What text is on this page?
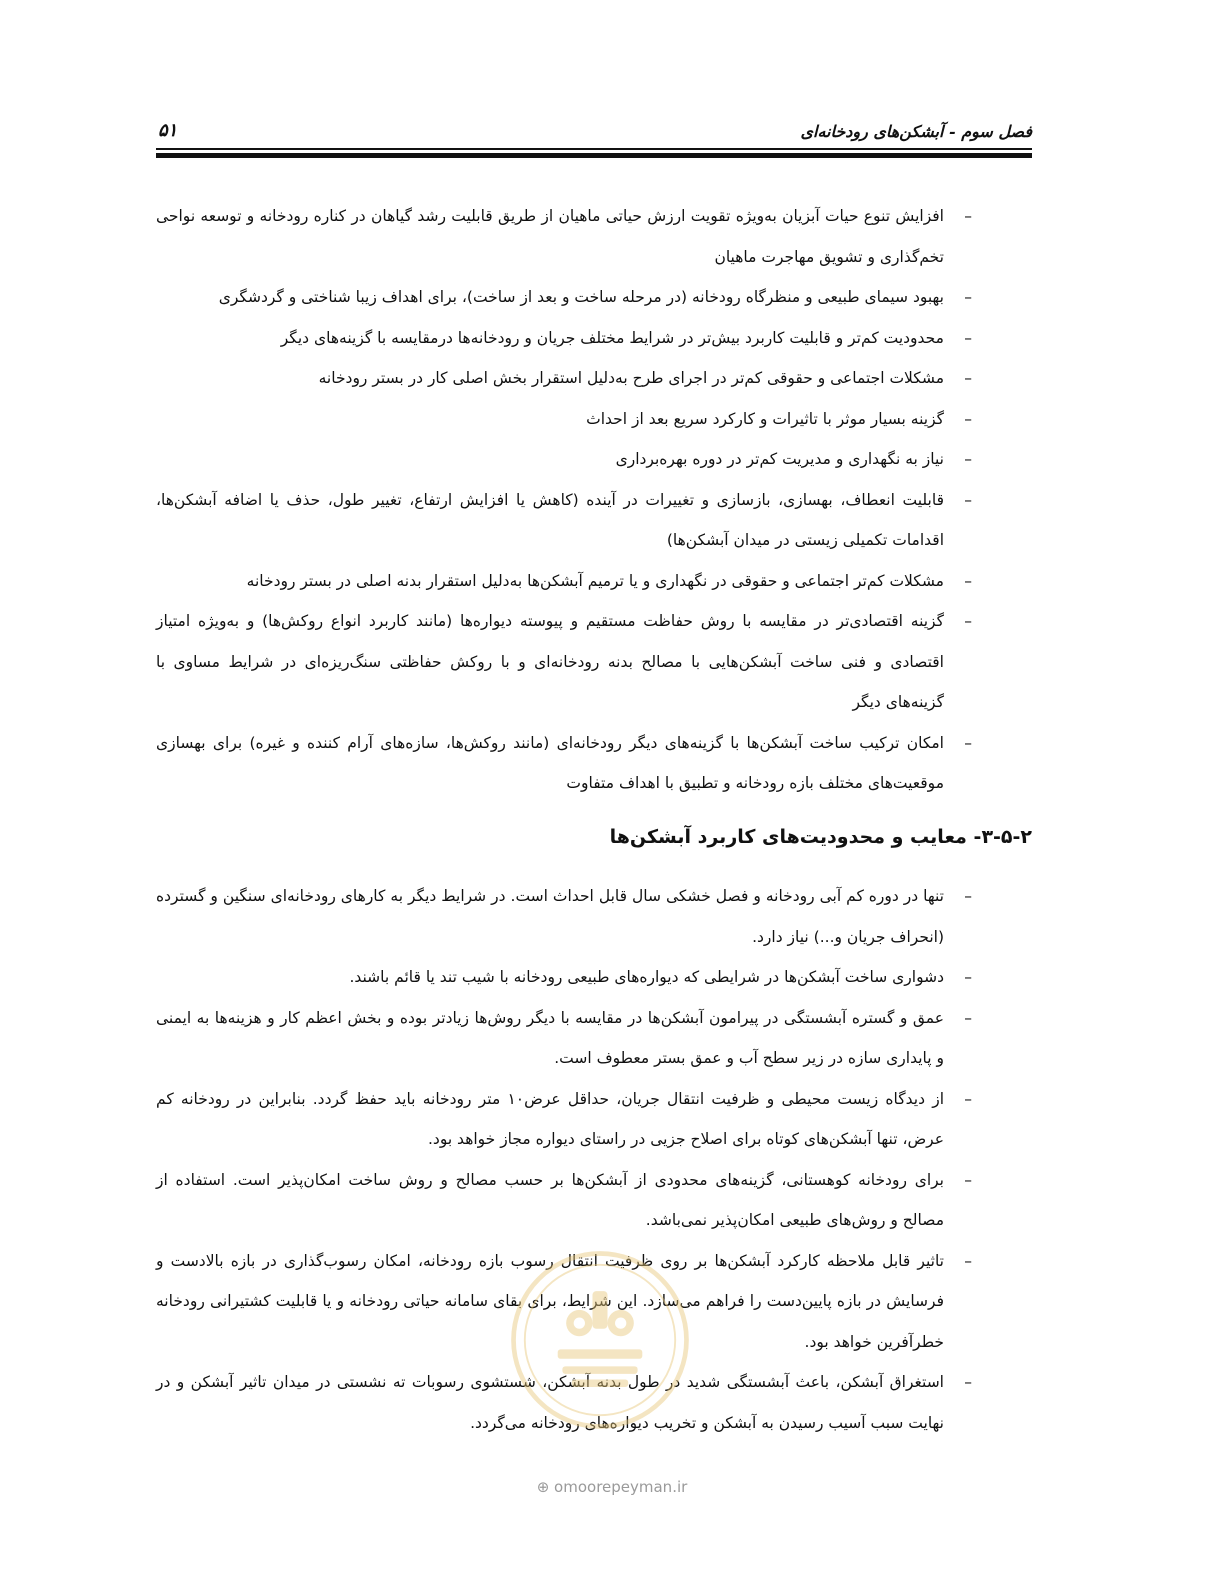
فصل سوم - آبشکن‌های رودخانه‌ای
۵۱
–
افزایش تنوع حیات آبزیان به‌ویژه تقویت ارزش حیاتی ماهیان از طریق قابلیت رشد گیاهان در کناره رودخانه و توسعه نواحی تخم‌گذاری و تشویق مهاجرت ماهیان
–
بهبود سیمای طبیعی و منظرگاه رودخانه (در مرحله ساخت و بعد از ساخت)، برای اهداف زیبا شناختی و گردشگری
–
محدودیت کم‌تر و قابلیت کاربرد بیش‌تر در شرایط مختلف جریان و رودخانه‌ها درمقایسه با گزینه‌های دیگر
–
مشکلات اجتماعی و حقوقی کم‌تر در اجرای طرح به‌دلیل استقرار بخش اصلی کار در بستر رودخانه
–
گزینه بسیار موثر با تاثیرات و کارکرد سریع بعد از احداث
–
نیاز به نگهداری و مدیریت کم‌تر در دوره بهره‌برداری
–
قابلیت انعطاف، بهسازی، بازسازی و تغییرات در آینده (کاهش یا افزایش ارتفاع، تغییر طول، حذف یا اضافه آبشکن‌ها، اقدامات تکمیلی زیستی در میدان آبشکن‌ها)
–
مشکلات کم‌تر اجتماعی و حقوقی در نگهداری و یا ترمیم آبشکن‌ها به‌دلیل استقرار بدنه اصلی در بستر رودخانه
–
گزینه اقتصادی‌تر در مقایسه با روش حفاظت مستقیم و پیوسته دیواره‌ها (مانند کاربرد انواع روکش‌ها) و به‌ویژه امتیاز اقتصادی و فنی ساخت آبشکن‌هایی با مصالح بدنه رودخانه‌ای و با روکش حفاظتی سنگ‌ریزه‌ای در شرایط مساوی با گزینه‌های دیگر
–
امکان ترکیب ساخت آبشکن‌ها با گزینه‌های دیگر رودخانه‌ای (مانند روکش‌ها، سازه‌های آرام کننده و غیره) برای بهسازی موقعیت‌های مختلف بازه رودخانه و تطبیق با اهداف متفاوت
۳-۵-۲- معایب و محدودیت‌های کاربرد آبشکن‌ها
–
تنها در دوره کم آبی رودخانه و فصل خشکی سال قابل احداث است. در شرایط دیگر به کارهای رودخانه‌ای سنگین و گسترده (انحراف جریان و...) نیاز دارد.
–
دشواری ساخت آبشکن‌ها در شرایطی که دیواره‌های طبیعی رودخانه با شیب تند یا قائم باشند.
–
عمق و گستره آبشستگی در پیرامون آبشکن‌ها در مقایسه با دیگر روش‌ها زیادتر بوده و بخش اعظم کار و هزینه‌ها به ایمنی و پایداری سازه در زیر سطح آب و عمق بستر معطوف است.
–
از دیدگاه زیست محیطی و ظرفیت انتقال جریان، حداقل عرض۱۰ متر رودخانه باید حفظ گردد. بنابراین در رودخانه کم عرض، تنها آبشکن‌های کوتاه برای اصلاح جزیی در راستای دیواره مجاز خواهد بود.
–
برای رودخانه کوهستانی، گزینه‌های محدودی از آبشکن‌ها بر حسب مصالح و روش ساخت امکان‌پذیر است. استفاده از مصالح و روش‌های طبیعی امکان‌پذیر نمی‌باشد.
–
تاثیر قابل ملاحظه کارکرد آبشکن‌ها بر روی ظرفیت انتقال رسوب بازه رودخانه، امکان رسوب‌گذاری در بازه بالادست و فرسایش در بازه پایین‌دست را فراهم می‌سازد. این شرایط، برای بقای سامانه حیاتی رودخانه و یا قابلیت کشتیرانی رودخانه خطرآفرین خواهد بود.
–
استغراق آبشکن، باعث آبشستگی شدید در طول بدنه آبشکن، شستشوی رسوبات ته نشستی در میدان تاثیر آبشکن و در نهایت سبب آسیب رسیدن به آبشکن و تخریب دیواره‌های رودخانه می‌گردد.
⊕ omoorepeyman.ir
